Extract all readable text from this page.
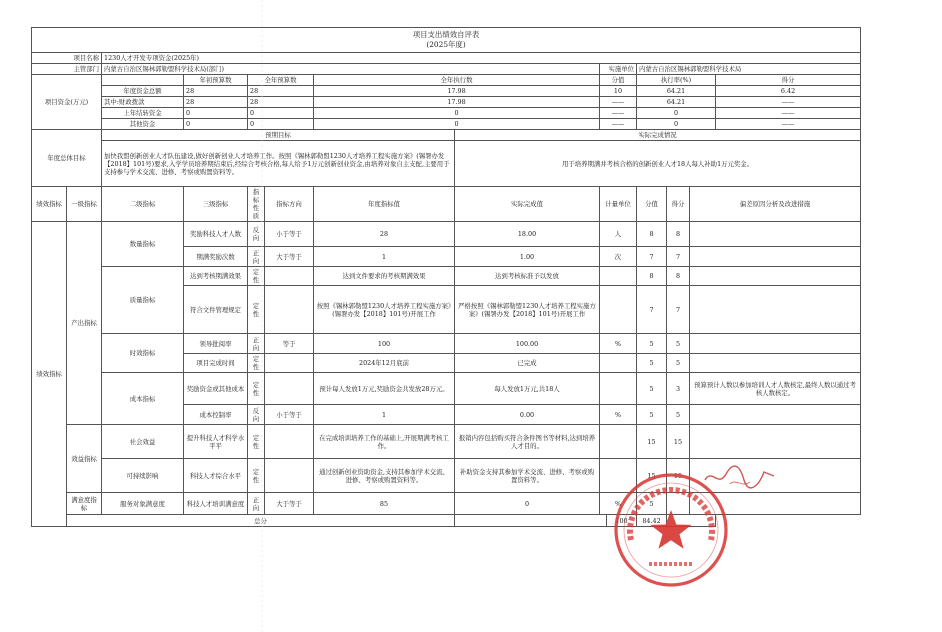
项目支出绩效自评表
(2025年度)													

项目名称		1230人才开发专项资金(2025年)											
主管部门		内蒙古自治区锡林郭勒盟科学技术局(部门)						实施单位		内蒙古自治区锡林郭勒盟科学技术局			
项目资金(万元)			年初预算数	全年预算数		全年执行数		分值		执行率(%)			得分
		年度资金总额	28	28		17.98		10		64.21			6.42
		其中:财政拨款	28	28		17.98		——		64.21			——
		上年结转资金	0	0		0		——		0			——
		其他资金	0	0		0		——		0			——
年度总体目标		预期目标					实际完成情况						
		加快我盟创新创业人才队伍建设,做好创新创业人才培养工作。按照《锡林郭勒盟1230人才培养工程实施方案》(锡署办发【2018】101号)要求,入学学员培养期结束后,经综合考核合格,每人给予1万元创新创业资金,由培养对象自主支配,主要用于支持参与学术交流、进修、考察或购置资料等。					用于培养期满并考核合格的创新创业人才18人每人补助1万元奖金。						
绩效指标	一级指标	二级指标	三级指标	指标性质	指标方向	年度指标值	实际完成值	计量单位		分值	得分	偏差原因分析及改进措施	
绩效指标	产出指标	数量指标	奖励科技人才人数	反向	小于等于	28	18.00	人		8	8		
			期满奖励次数	正向	大于等于	1	1.00	次		7	7		
		质量指标	达到考核期满效果	定性		达到文件要求的考核期满效果	达到考核标准予以发放			8	8		
			符合文件管理规定	定性		按照《锡林郭勒盟1230人才培养工程实施方案》(锡署办发【2018】101号)开展工作	严格按照《锡林郭勒盟1230人才培养工程实施方案》(锡署办发【2018】101号)开展工作			7	7		
		时效指标	领导批阅率	正向	等于	100	100.00	%		5	5		
			项目完成时间	定性		2024年12月底前	已完成			5	5		
		成本指标	奖励资金或其他成本	定性		预计每人发放1万元,奖励资金共发放28万元。	每人发放1万元,共18人			5	3	预算预计人数以参加培训人才人数核定,最终人数以通过考核人数核定。	
			成本控制率	反向	小于等于	1	0.00	%		5	5		
	效益指标	社会效益	提升科技人才科学水平平	定性		在完成培训培养工作的基础上,开展期满考核工作。	报销内容包括购买符合条件图书等材料,达到培养人才目的。			15	15		
		可持续影响	科技人才综合水平	定性		通过创新创业资助资金,支持其参加学术交流、进修、考察或购置资料等。	补助资金支持其参加学术交流、进修、考察或购置资料等。			15	15		
	满意度指标	服务对象满意度	科技人才培训满意度	正向	大于等于	85	0	%		5			
	总分								100	84.42			
